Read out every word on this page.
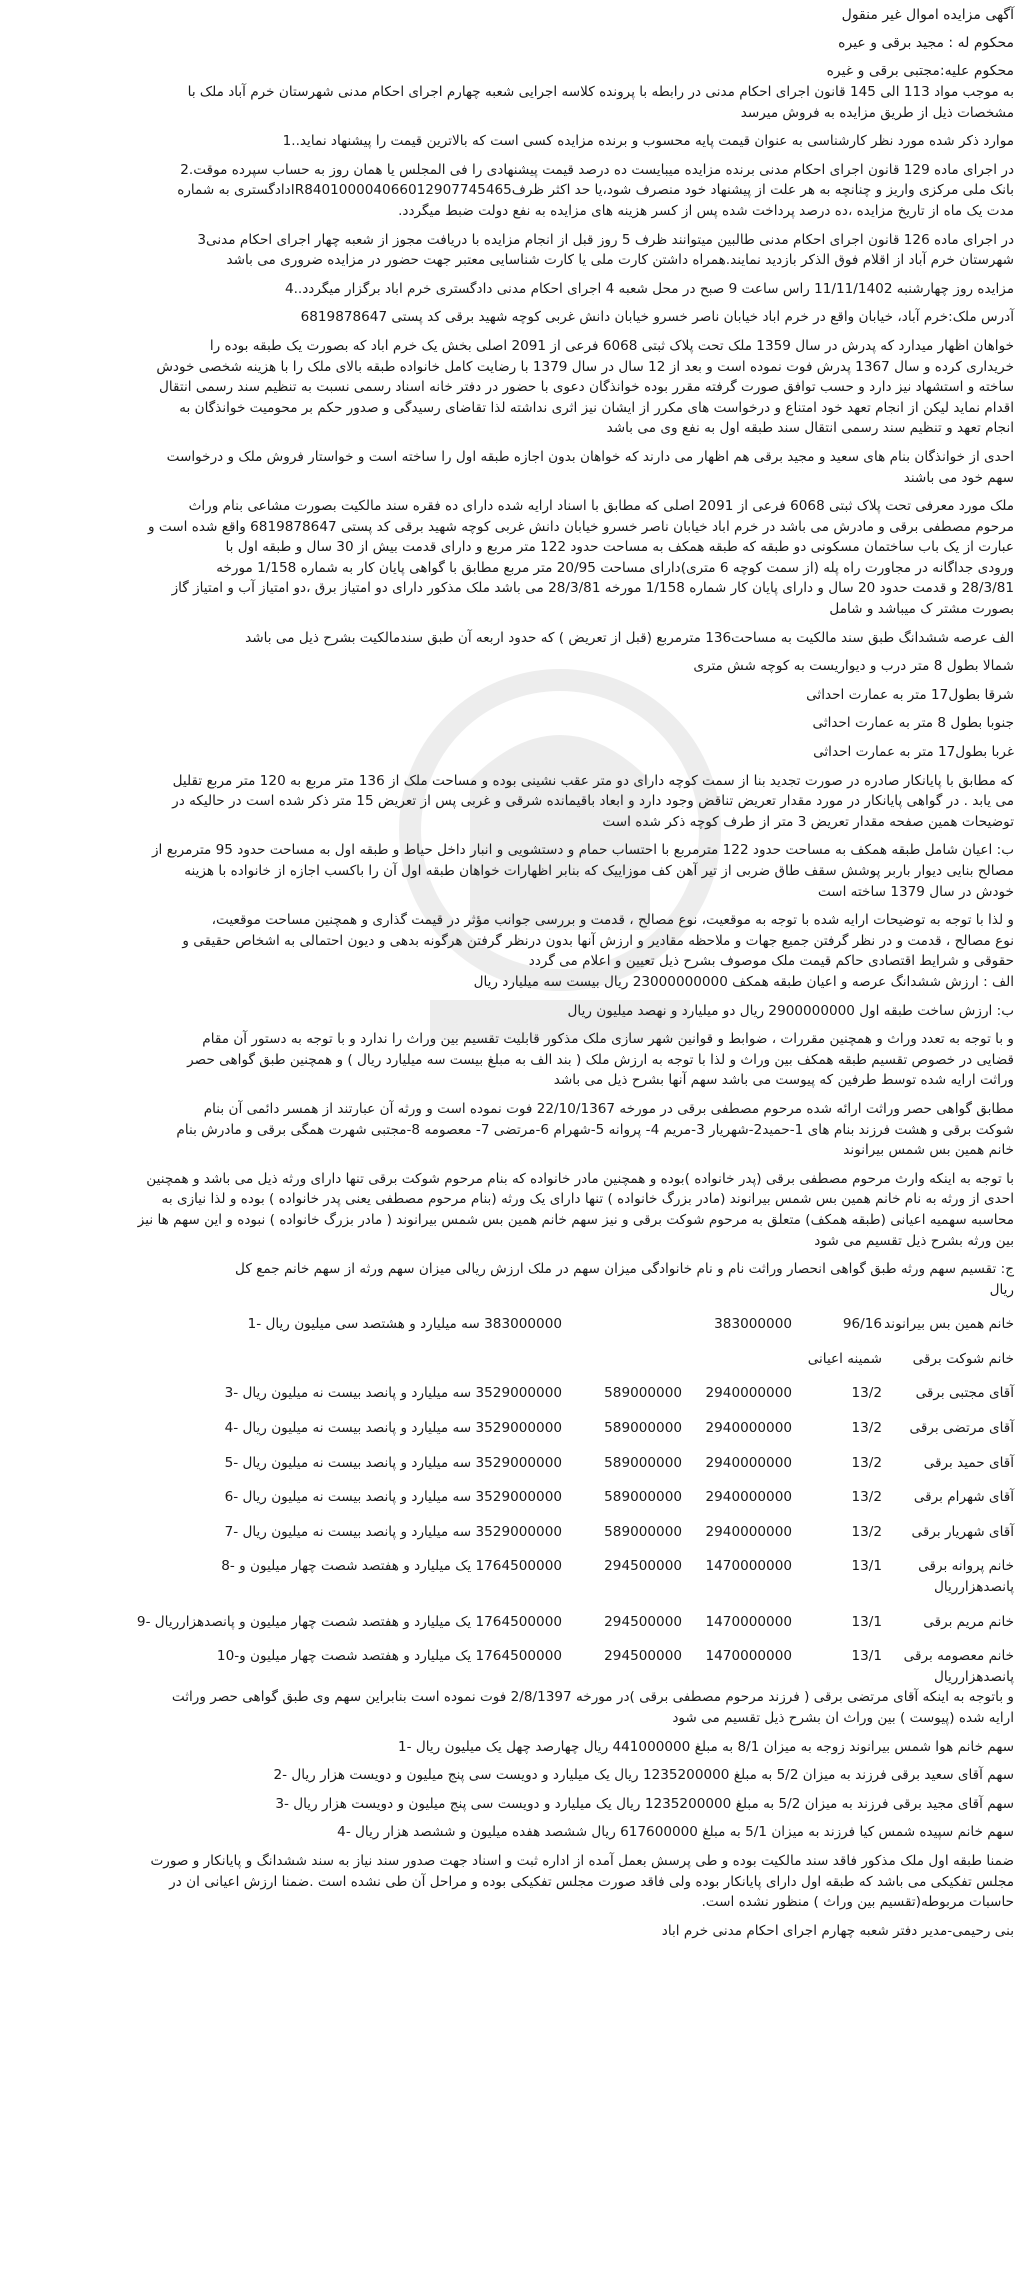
آگهی مزایده اموال غیر منقول
محکوم له : مجید برقی و عیره
محکوم علیه:مجتبی برقی و غیره
به موجب مواد 113 الی 145 قانون اجرای احکام مدنی در رابطه با پرونده کلاسه اجرایی شعبه چهارم اجرای احکام مدنی شهرستان خرم آباد ملک با
مشخصات ذیل از طریق مزایده به فروش میرسد
موارد ذکر شده مورد نظر کارشناسی به عنوان قیمت پایه محسوب و برنده مزایده کسی است که بالاترین قیمت را پیشنهاد نماید..1
در اجرای ماده 129 قانون اجرای احکام مدنی برنده مزایده میبایست ده درصد قیمت پیشنهادی را فی المجلس یا همان روز به حساب سپرده موقت.2
بانک ملی مرکزی واریز و چنانچه به هر علت از پیشنهاد خود منصرف شود،یا حد اکثر ظرف‌IR840100004066012907745465دادگستری به شماره
مدت یک ماه از تاریخ مزایده ،ده درصد پرداخت شده پس از کسر هزینه های مزایده به نفع دولت ضبط میگردد.
در اجرای ماده 126 قانون اجرای احکام مدنی طالبین میتوانند ظرف 5 روز قبل از انجام مزایده با دریافت مجوز از شعبه چهار اجرای احکام مدنی3
شهرستان خرم آباد از اقلام فوق الذکر بازدید نمایند.همراه داشتن کارت ملی یا کارت شناسایی معتبر جهت حضور در مزایده ضروری می باشد
مزایده روز چهارشنبه 11/11/1402 راس ساعت 9 صبح در محل شعبه 4 اجرای احکام مدنی دادگستری خرم اباد برگزار میگردد..4
آدرس ملک:خرم آباد، خیابان واقع در خرم اباد خیابان ناصر خسرو خیابان دانش غربی کوچه شهید برقی کد پستی 6819878647
خواهان اظهار میدارد که پدرش در سال 1359 ملک تحت پلاک ثبتی 6068 فرعی از 2091 اصلی بخش یک خرم اباد که بصورت یک طبقه بوده را
خریداری کرده و سال 1367 پدرش فوت نموده است و بعد از 12 سال در سال 1379 با رضایت کامل خانواده طبقه بالای ملک را با هزینه شخصی خودش
ساخته و استشهاد نیز دارد و حسب توافق صورت گرفته مقرر بوده خوانذگان دعوی با حضور در دفتر خانه اسناد رسمی نسبت به تنظیم سند رسمی انتقال
اقدام نماید لیکن از انجام تعهد خود امتناع و درخواست های مکرر از ایشان نیز اثری نداشته لذا تقاضای رسیدگی و صدور حکم بر محومیت خوانذگان به
انجام تعهد و تنظیم سند رسمی انتقال سند طبقه اول به نفع وی می باشد
احدی از خوانذگان بنام های سعید و مجید برقی هم اظهار می دارند که خواهان بدون اجازه طبقه اول را ساخته است و خواستار فروش ملک و درخواست
سهم خود می باشند
ملک مورد معرفی تحت پلاک ثبتی 6068 فرعی از 2091 اصلی که مطابق با اسناد ارایه شده دارای ده فقره سند مالکیت بصورت مشاعی بنام وراث
مرحوم مصطفی برقی و مادرش می باشد در خرم اباد خیابان ناصر خسرو خیابان دانش غربی کوچه شهید برقی کد پستی 6819878647 واقع شده است و
عبارت از یک باب ساختمان مسکونی دو طبقه که طبقه همکف به مساحت حدود 122 متر مربع و دارای قدمت بیش از 30 سال و طبقه اول با
ورودی جداگانه در مجاورت راه پله (از سمت کوچه 6 متری)دارای مساحت 20/95 متر مربع مطابق با گواهی پایان کار به شماره 1/158 مورخه
28/3/81 و قدمت حدود 20 سال و دارای پایان کار شماره 1/158 مورخه 28/3/81 می باشد ملک مذکور دارای دو امتیاز برق ،دو امتیاز آب و امتیاز گاز
بصورت مشتر ک میباشد و شامل
الف عرصه ششدانگ طبق سند مالکیت به مساحت136 مترمربع (قبل از تعریض ) که حدود اربعه آن طبق سندمالکیت بشرح ذیل می باشد
شمالا بطول 8 متر درب و دیواریست به کوچه شش متری
شرقا بطول17 متر به عمارت احداثی
جنوبا بطول 8 متر به عمارت احداثی
غربا بطول17 متر به عمارت احداثی
که مطابق با پایانکار صادره در صورت تجدید بنا از سمت کوچه دارای دو متر عقب نشینی بوده و مساحت ملک از 136 متر مربع به 120 متر مربع تقلیل
می یابد . در گواهی پایانکار در مورد مقدار تعریض تناقض وجود دارد و ابعاد باقیمانده شرقی و غربی پس از تعریض 15 متر ذکر شده است در حالیکه در
توضیحات همین صفحه مقدار تعریض 3 متر از طرف کوچه ذکر شده است
ب: اعیان شامل طبقه همکف به مساحت حدود 122 مترمربع با احتساب حمام و دستشویی و انبار داخل حیاط و طبقه اول به مساحت حدود 95 مترمربع از
مصالح بنایی دیوار باربر پوشش سقف طاق ضربی از تیر آهن کف موزاییک که بنابر اظهارات خواهان طبقه اول آن را باکسب اجازه از خانواده با هزینه
خودش در سال 1379 ساخته است
و لذا با توجه به توضیحات ارایه شده با توجه به موقعیت، نوع مصالح ، قدمت و بررسی جوانب مؤثر در قیمت گذاری و همچنین مساحت موقعیت،
نوع مصالح ، قدمت و در نظر گرفتن جمیع جهات و ملاحظه مقادیر و ارزش آنها بدون درنظر گرفتن هرگونه بدهی و دیون احتمالی به اشخاص حقیقی و
حقوقی و شرایط اقتصادی حاکم قیمت ملک موصوف بشرح ذیل تعیین و اعلام می گردد
الف : ارزش ششدانگ عرصه و اعیان طبقه همکف 23000000000 ریال بیست سه میلیارد ریال
ب: ارزش ساخت طبقه اول 2900000000 ریال دو میلیارد و نهصد میلیون ریال
و با توجه به تعدد وراث و همچنین مقررات ، ضوابط و قوانین شهر سازی ملک مذکور قابلیت تقسیم بین وراث را ندارد و با توجه به دستور آن مقام
قضایی در خصوص تقسیم طبقه همکف بین وراث و لذا با توجه به ارزش ملک ( بند الف به مبلغ بیست سه میلیارد ریال ) و همچنین طبق گواهی حصر
وراثت ارایه شده توسط طرفین که پیوست می باشد سهم آنها بشرح ذیل می باشد
مطابق گواهی حصر وراثت ارائه شده مرحوم مصطفی برقی در مورخه 22/10/1367 فوت نموده است و ورثه آن عبارتند از همسر دائمی آن بنام
شوکت برقی و هشت فرزند بنام های 1-حمید2-شهریار 3-مریم 4- پروانه 5-شهرام 6-مرتضی 7- معصومه 8-مجتبی شهرت همگی برقی و مادرش بنام
خانم همین بس شمس بیرانوند
با توجه به اینکه وارث مرحوم مصطفی برقی (پدر خانواده )بوده و همچنین مادر خانواده که بنام مرحوم شوکت برقی تنها دارای ورثه ذیل می باشد و همچنین
احدی از ورثه به نام خانم همین بس شمس بیرانوند (مادر بزرگ خانواده ) تنها دارای یک ورثه (بنام مرحوم مصطفی یعنی پدر خانواده ) بوده و لذا نیازی به
محاسبه سهمیه اعیانی (طبقه همکف) متعلق به مرحوم شوکت برقی و نیز سهم خانم همین بس شمس بیرانوند ( مادر بزرگ خانواده ) نبوده و این سهم ها نیز
بین ورثه بشرح ذیل تقسیم می شود
ج: تقسیم سهم ورثه طبق گواهی انحصار وراثت نام و نام خانوادگی میزان سهم در ملک ارزش ریالی میزان سهم ورثه از سهم خانم جمع کل
ریال
خانم همین بس بیرانوند
96/16
383000000
383000000 سه میلیارد و هشتصد سی میلیون ریال -1
خانم شوکت برقی
شمینه اعیانی
آقای مجتبی برقی
13/2
2940000000
589000000
3529000000 سه میلیارد و پانصد بیست نه میلیون ریال -3
آقای مرتضی برقی
13/2
2940000000
589000000
3529000000 سه میلیارد و پانصد بیست نه میلیون ریال -4
آقای حمید برقی
13/2
2940000000
589000000
3529000000 سه میلیارد و پانصد بیست نه میلیون ریال -5
آقای شهرام برقی
13/2
2940000000
589000000
3529000000 سه میلیارد و پانصد بیست نه میلیون ریال -6
آقای شهریار برقی
13/2
2940000000
589000000
3529000000 سه میلیارد و پانصد بیست نه میلیون ریال -7
خانم پروانه برقی
13/1
1470000000
294500000
1764500000 یک میلیارد و هفتصد شصت چهار میلیون و -8
پانصدهزارریال
خانم مریم برقی
13/1
1470000000
294500000
1764500000 یک میلیارد و هفتصد شصت چهار میلیون و پانصدهزارریال -9
خانم معصومه برقی
13/1
1470000000
294500000
1764500000 یک میلیارد و هفتصد شصت چهار میلیون و-10
پانصدهزارریال
و باتوجه به اینکه آقای مرتضی برقی ( فرزند مرحوم مصطفی برقی )در مورخه 2/8/1397 فوت نموده است بنابراین سهم وی طبق گواهی حصر وراثت
ارایه شده (پیوست ) بین وراث ان بشرح ذیل تقسیم می شود
سهم خانم هوا شمس بیرانوند زوجه به میزان 8/1 به مبلغ 441000000 ریال چهارصد چهل یک میلیون ریال -1
سهم آقای سعید برقی فرزند به میزان 5/2 به مبلغ 1235200000 ریال یک میلیارد و دویست سی پنج میلیون و دویست هزار ریال -2
سهم آقای مجید برقی فرزند به میزان 5/2 به مبلغ 1235200000 ریال یک میلیارد و دویست سی پنج میلیون و دویست هزار ریال -3
سهم خانم سپیده شمس کیا فرزند به میزان 5/1 به مبلغ 617600000 ریال ششصد هفده میلیون و ششصد هزار ریال -4
ضمنا طبقه اول ملک مذکور فاقد سند مالکیت بوده و طی پرسش بعمل آمده از اداره ثبت و اسناد جهت صدور سند نیاز به سند ششدانگ و پایانکار و صورت
مجلس تفکیکی می باشد که طبقه اول دارای پایانکار بوده ولی فاقد صورت مجلس تفکیکی بوده و مراحل آن طی نشده است .ضمنا ارزش اعیانی ان در
حاسبات مربوطه(تقسیم بین وراث ) منظور نشده است.
بنی رحیمی-مدیر دفتر شعبه چهارم اجرای احکام مدنی خرم اباد
